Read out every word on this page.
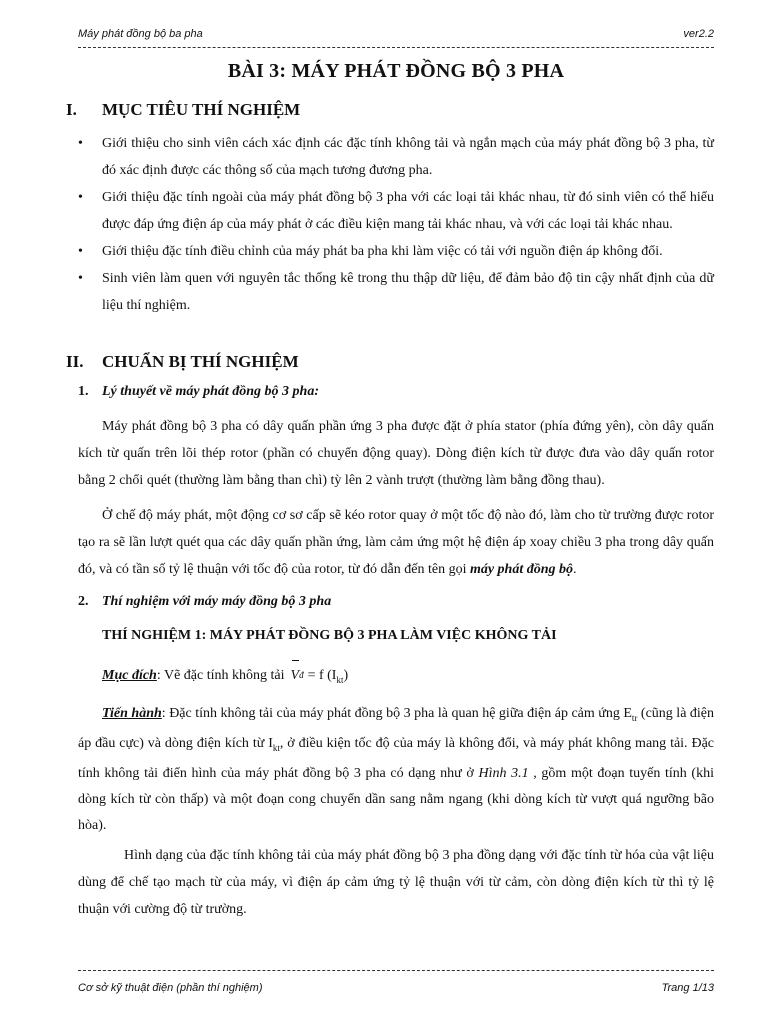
Máy phát đồng bộ ba pha	ver2.2
BÀI 3: MÁY PHÁT ĐỒNG BỘ 3 PHA
I. MỤC TIÊU THÍ NGHIỆM
• Giới thiệu cho sinh viên cách xác định các đặc tính không tải và ngắn mạch của máy phát đồng bộ 3 pha, từ đó xác định được các thông số của mạch tương đương pha.
• Giới thiệu đặc tính ngoài của máy phát đồng bộ 3 pha với các loại tải khác nhau, từ đó sinh viên có thể hiểu được đáp ứng điện áp của máy phát ở các điều kiện mang tải khác nhau, và với các loại tải khác nhau.
• Giới thiệu đặc tính điều chỉnh của máy phát ba pha khi làm việc có tải với nguồn điện áp không đổi.
• Sinh viên làm quen với nguyên tắc thống kê trong thu thập dữ liệu, để đảm bảo độ tin cậy nhất định của dữ liệu thí nghiệm.
II. CHUẨN BỊ THÍ NGHIỆM
1. Lý thuyết về máy phát đồng bộ 3 pha:
Máy phát đồng bộ 3 pha có dây quấn phần ứng 3 pha được đặt ở phía stator (phía đứng yên), còn dây quấn kích từ quấn trên lõi thép rotor (phần có chuyển động quay). Dòng điện kích từ được đưa vào dây quấn rotor bằng 2 chổi quét (thường làm bằng than chì) tỳ lên 2 vành trượt (thường làm bằng đồng thau).
Ở chế độ máy phát, một động cơ sơ cấp sẽ kéo rotor quay ở một tốc độ nào đó, làm cho từ trường được rotor tạo ra sẽ lần lượt quét qua các dây quấn phần ứng, làm cảm ứng một hệ điện áp xoay chiều 3 pha trong dây quấn đó, và có tần số tỷ lệ thuận với tốc độ của rotor, từ đó dẫn đến tên gọi máy phát đồng bộ.
2. Thí nghiệm với máy máy đồng bộ 3 pha
THÍ NGHIỆM 1: MÁY PHÁT ĐỒNG BỘ 3 PHA LÀM VIỆC KHÔNG TẢI
Mục đích: Vẽ đặc tính không tải V đ = f $(I_{kt})$
Tiến hành: Đặc tính không tải của máy phát đồng bộ 3 pha là quan hệ giữa điện áp cảm ứng $E_{tr}$ (cũng là điện áp đầu cực) và dòng điện kích từ $I_{kt}$, ở điều kiện tốc độ của máy là không đổi, và máy phát không mang tải. Đặc tính không tải điển hình của máy phát đồng bộ 3 pha có dạng như ở Hình 3.1 , gồm một đoạn tuyến tính (khi dòng kích từ còn thấp) và một đoạn cong chuyển dần sang nằm ngang (khi dòng kích từ vượt quá ngưỡng bão hòa).
Hình dạng của đặc tính không tải của máy phát đồng bộ 3 pha đồng dạng với đặc tính từ hóa của vật liệu dùng để chế tạo mạch từ của máy, vì điện áp cảm ứng tỷ lệ thuận với từ cảm, còn dòng điện kích từ thì tỷ lệ thuận với cường độ từ trường.
Cơ sở kỹ thuật điện (phần thí nghiệm)	Trang 1/13
